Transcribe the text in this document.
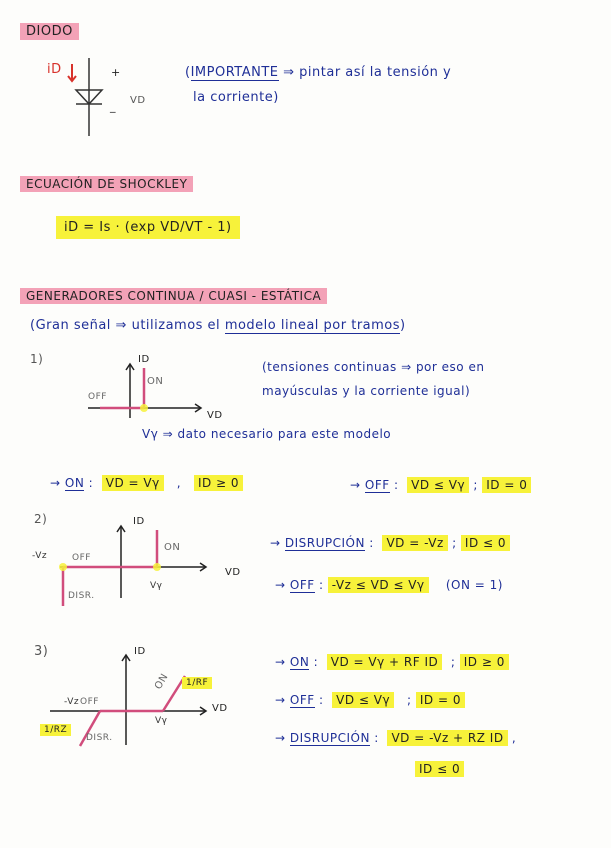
DIODO
ECUACIÓN DE SHOCKLEY
GENERADORES CONTINUA / CUASI - ESTÁTICA
iD	+
_ VD
(IMPORTANTE ⇒ pintar así la tensión y
la corriente)
iD = Is · (exp VD/VT - 1)
(Gran señal ⇒ utilizamos el modelo lineal por tramos)
1)	ID
VD
ON
OFF
(tensiones continuas ⇒ por eso en
mayúsculas y la corriente igual)
Vγ ⇒ dato necesario para este modelo
→ ON :  VD = Vγ   ,   ID ≥ 0	→ OFF :  VD ≤ Vγ ; ID = 0
2)	ID
VD
ON
OFF
-Vz
Vγ
DISR.
→ DISRUPCIÓN :  VD = -Vz ; ID ≤ 0
→ OFF : -Vz ≤ VD ≤ Vγ (ON = 1)
3)	ID
VD
ON
OFF
-Vz
Vγ
DISR.
1/RF
1/RZ
→ ON :  VD = Vγ + RF ID  ; ID ≥ 0
→ OFF :  VD ≤ Vγ   ; ID = 0
→ DISRUPCIÓN :  VD = -Vz + RZ ID ,
ID ≤ 0
